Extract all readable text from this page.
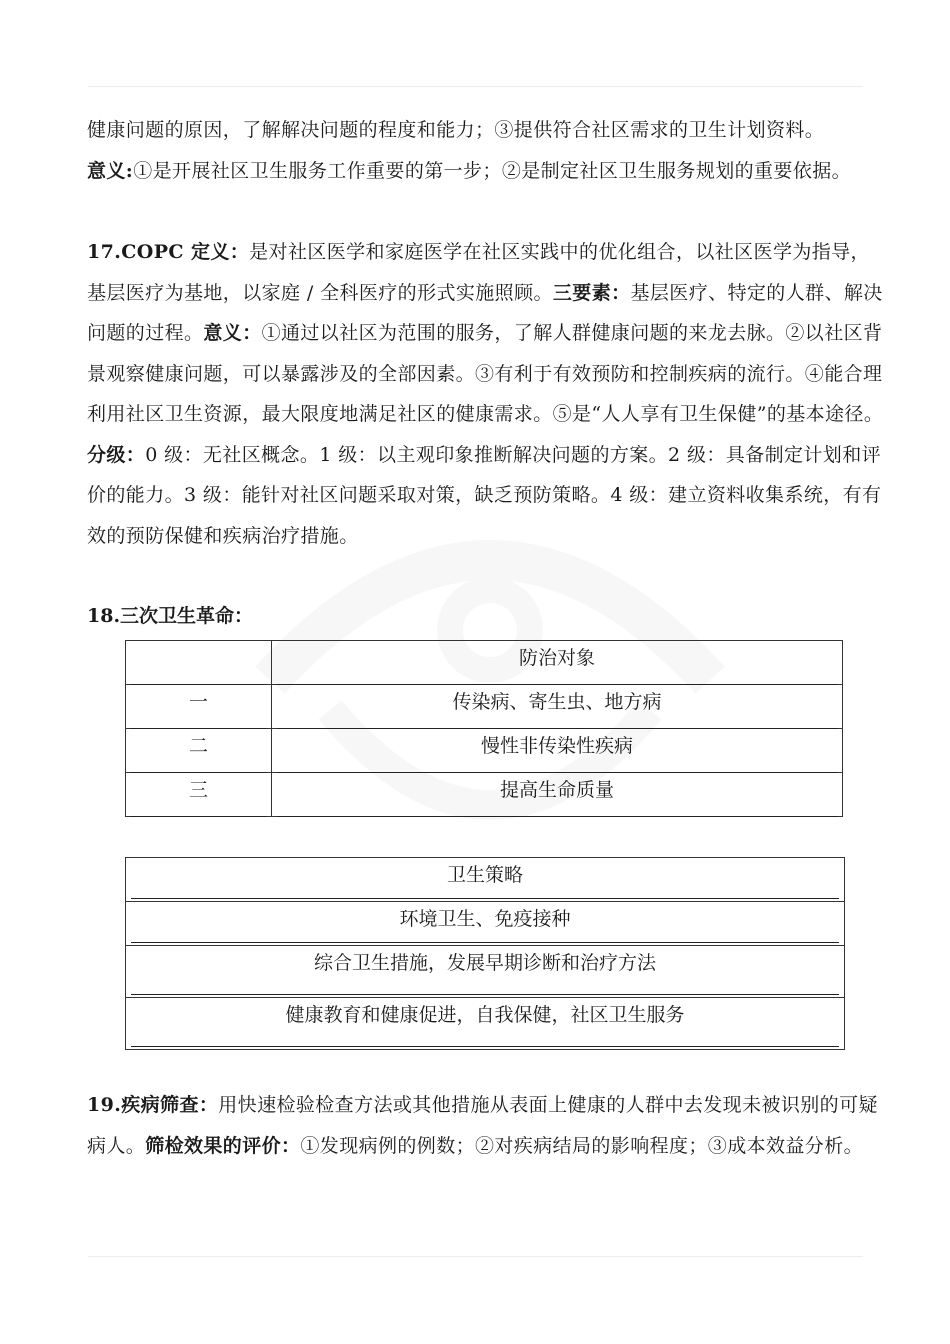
健康问题的原因，了解解决问题的程度和能力；③提供符合社区需求的卫生计划资料。
意义:①是开展社区卫生服务工作重要的第一步；②是制定社区卫生服务规划的重要依据。

17.COPC 定义：是对社区医学和家庭医学在社区实践中的优化组合，以社区医学为指导，基层医疗为基地，以家庭 / 全科医疗的形式实施照顾。三要素：基层医疗、特定的人群、解决问题的过程。意义：①通过以社区为范围的服务，了解人群健康问题的来龙去脉。②以社区背景观察健康问题，可以暴露涉及的全部因素。③有利于有效预防和控制疾病的流行。④能合理利用社区卫生资源，最大限度地满足社区的健康需求。⑤是“人人享有卫生保健”的基本途径。分级：0 级：无社区概念。1 级：以主观印象推断解决问题的方案。2 级：具备制定计划和评价的能力。3 级：能针对社区问题采取对策，缺乏预防策略。4 级：建立资料收集系统，有有效的预防保健和疾病治疗措施。

18.三次卫生革命：

	防治对象

一	传染病、寄生虫、地方病

二	慢性非传染性疾病

三	提高生命质量
卫生策略

环境卫生、免疫接种

综合卫生措施，发展早期诊断和治疗方法

健康教育和健康促进，自我保健，社区卫生服务

19.疾病筛查：用快速检验检查方法或其他措施从表面上健康的人群中去发现未被识别的可疑病人。筛检效果的评价：①发现病例的例数；②对疾病结局的影响程度；③成本效益分析。
